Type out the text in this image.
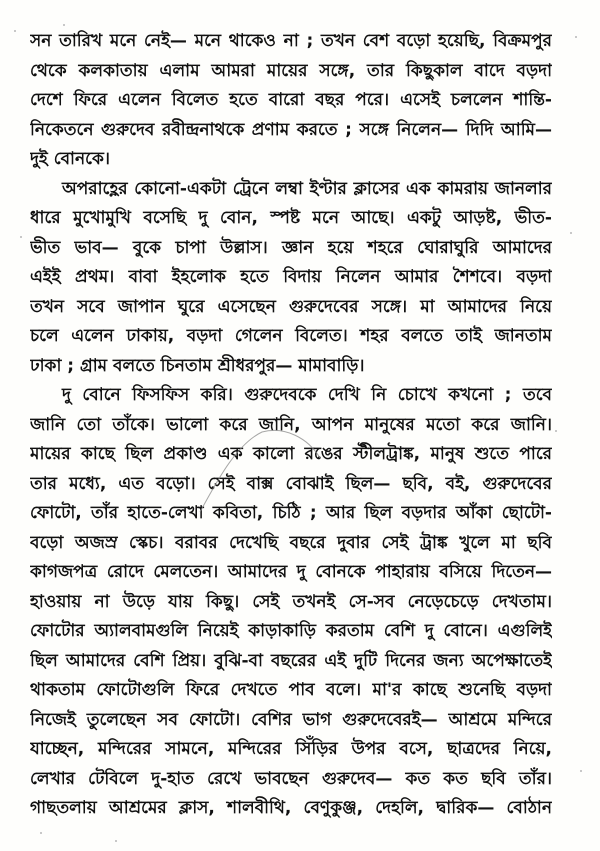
সন তারিখ মনে নেই— মনে থাকেও না ; তখন বেশ বড়ো হয়েছি, বিক্রমপুর
থেকে কলকাতায় এলাম আমরা মায়ের সঙ্গে, তার কিছুকাল বাদে বড়দা
দেশে ফিরে এলেন বিলেত হতে বারো বছর পরে। এসেই চললেন শান্তি-
নিকেতনে গুরুদেব রবীন্দ্রনাথকে প্রণাম করতে ; সঙ্গে নিলেন— দিদি আমি—
দুই বোনকে।
অপরাহ্ণের কোনো-একটা ট্রেনে লম্বা ইণ্টার ক্লাসের এক কামরায় জানলার
ধারে মুখোমুখি বসেছি দু বোন, স্পষ্ট মনে আছে। একটু আড়ষ্ট, ভীত-
ভীত ভাব— বুকে চাপা উল্লাস। জ্ঞান হয়ে শহরে ঘোরাঘুরি আমাদের
এইই প্রথম। বাবা ইহলোক হতে বিদায় নিলেন আমার শৈশবে। বড়দা
তখন সবে জাপান ঘুরে এসেছেন গুরুদেবের সঙ্গে। মা আমাদের নিয়ে
চলে এলেন ঢাকায়, বড়দা গেলেন বিলেত। শহর বলতে তাই জানতাম
ঢাকা ; গ্রাম বলতে চিনতাম শ্রীধরপুর— মামাবাড়ি।
দু বোনে ফিসফিস করি। গুরুদেবকে দেখি নি চোখে কখনো ; তবে
জানি তো তাঁকে। ভালো করে জানি, আপন মানুষের মতো করে জানি।
মায়ের কাছে ছিল প্রকাণ্ড এক কালো রঙের স্টীলট্রাঙ্ক, মানুষ শুতে পারে
তার মধ্যে, এত বড়ো। সেই বাক্স বোঝাই ছিল— ছবি, বই, গুরুদেবের
ফোটো, তাঁর হাতে-লেখা কবিতা, চিঠি ; আর ছিল বড়দার আঁকা ছোটো-
বড়ো অজস্র স্কেচ। বরাবর দেখেছি বছরে দুবার সেই ট্রাঙ্ক খুলে মা ছবি
কাগজপত্র রোদে মেলতেন। আমাদের দু বোনকে পাহারায় বসিয়ে দিতেন—
হাওয়ায় না উড়ে যায় কিছু। সেই তখনই সে-সব নেড়েচেড়ে দেখতাম।
ফোটোর অ্যালবামগুলি নিয়েই কাড়াকাড়ি করতাম বেশি দু বোনে। এগুলিই
ছিল আমাদের বেশি প্রিয়। বুঝি-বা বছরের এই দুটি দিনের জন্য অপেক্ষাতেই
থাকতাম ফোটোগুলি ফিরে দেখতে পাব বলে। মা'র কাছে শুনেছি বড়দা
নিজেই তুলেছেন সব ফোটো। বেশির ভাগ গুরুদেবেরই— আশ্রমে মন্দিরে
যাচ্ছেন, মন্দিরের সামনে, মন্দিরের সিঁড়ির উপর বসে, ছাত্রদের নিয়ে,
লেখার টেবিলে দু-হাত রেখে ভাবছেন গুরুদেব— কত কত ছবি তাঁর।
গাছতলায় আশ্রমের ক্লাস, শালবীথি, বেণুকুঞ্জ, দেহলি, দ্বারিক— বোঠান
